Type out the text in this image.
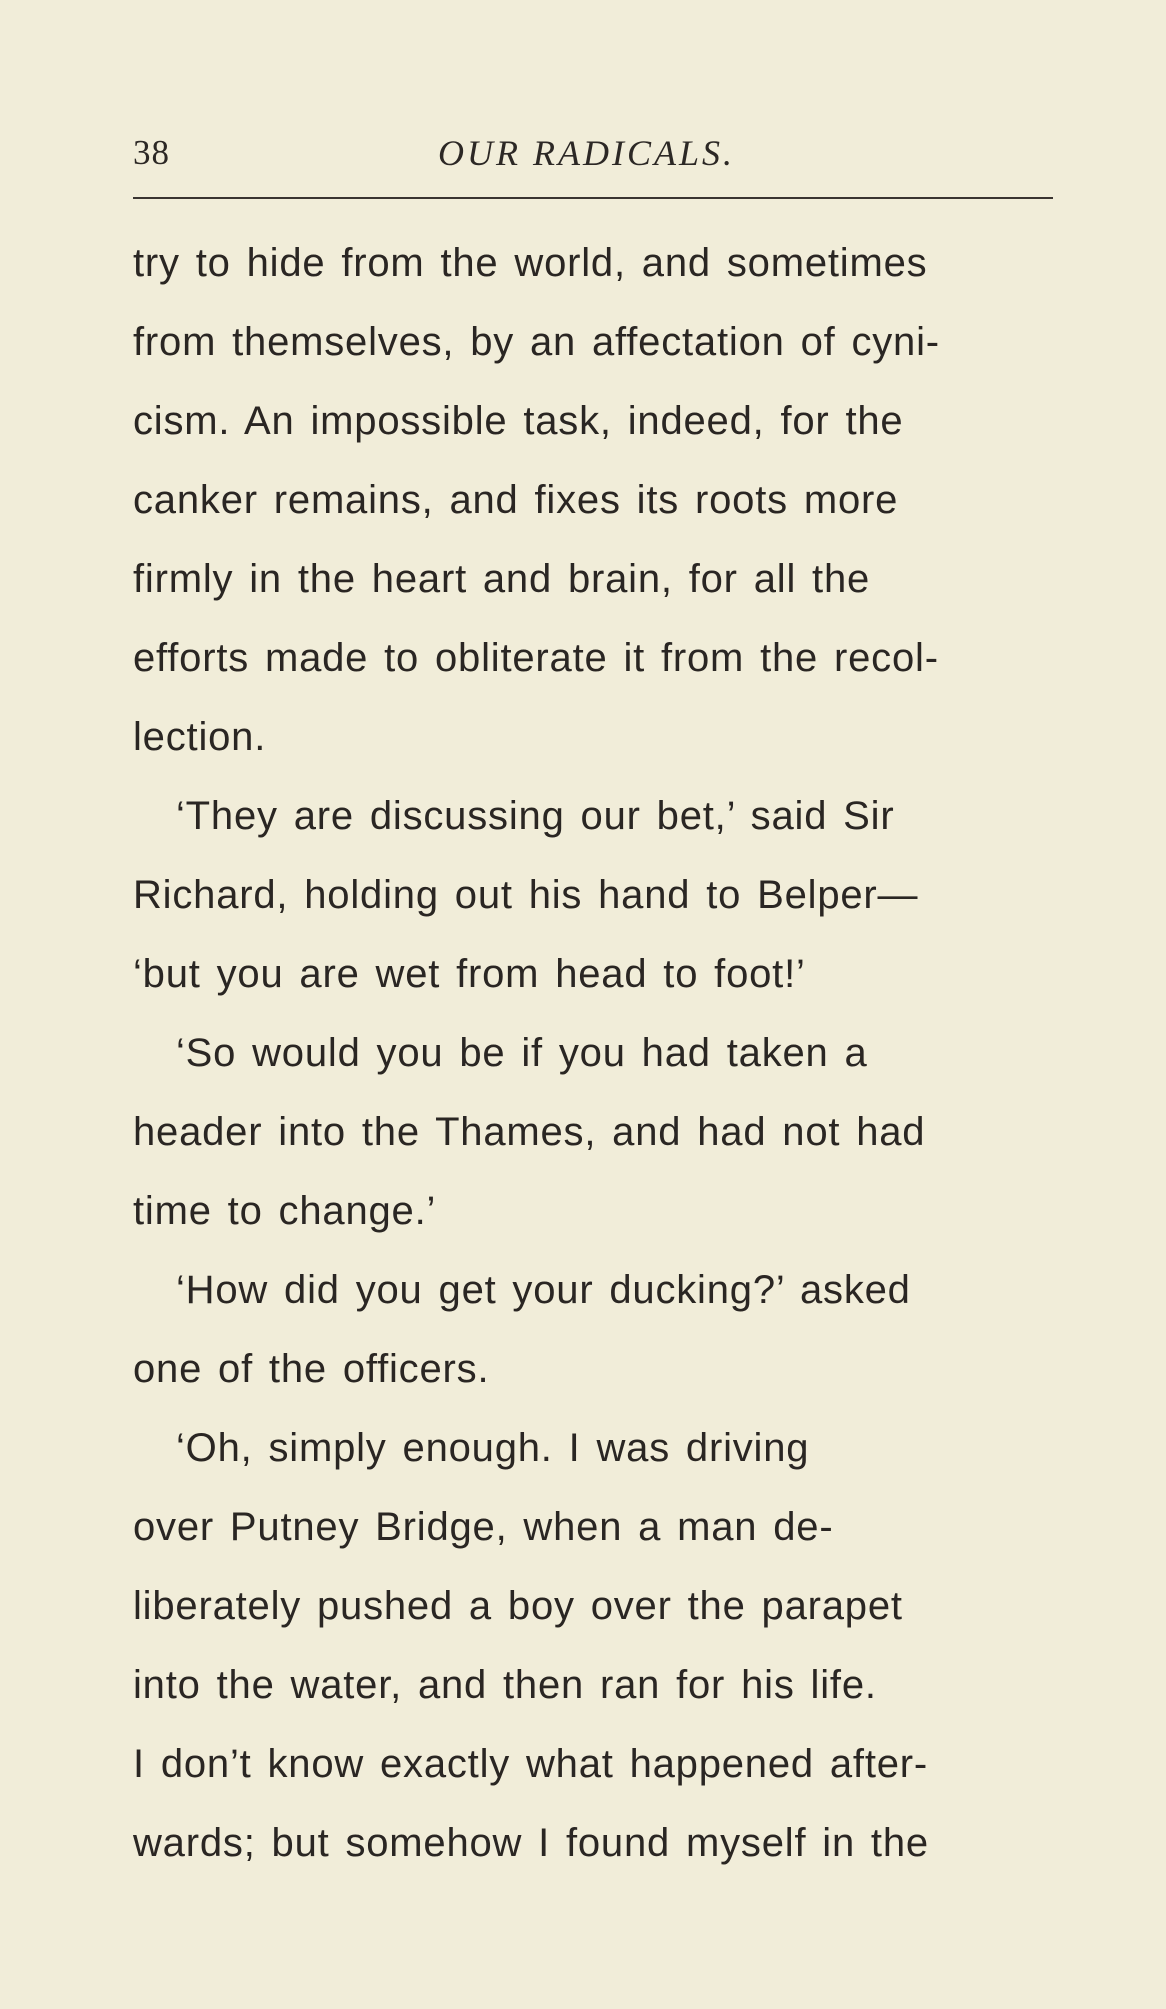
38	OUR RADICALS.
try to hide from the world, and sometimes
from themselves, by an affectation of cyni-
cism. An impossible task, indeed, for the
canker remains, and fixes its roots more
firmly in the heart and brain, for all the
efforts made to obliterate it from the recol-
lection.
‘They are discussing our bet,’ said Sir
Richard, holding out his hand to Belper—
‘but you are wet from head to foot!’
‘So would you be if you had taken a
header into the Thames, and had not had
time to change.’
‘How did you get your ducking?’ asked
one of the officers.
‘Oh, simply enough. I was driving
over Putney Bridge, when a man de-
liberately pushed a boy over the parapet
into the water, and then ran for his life.
I don’t know exactly what happened after-
wards; but somehow I found myself in the
